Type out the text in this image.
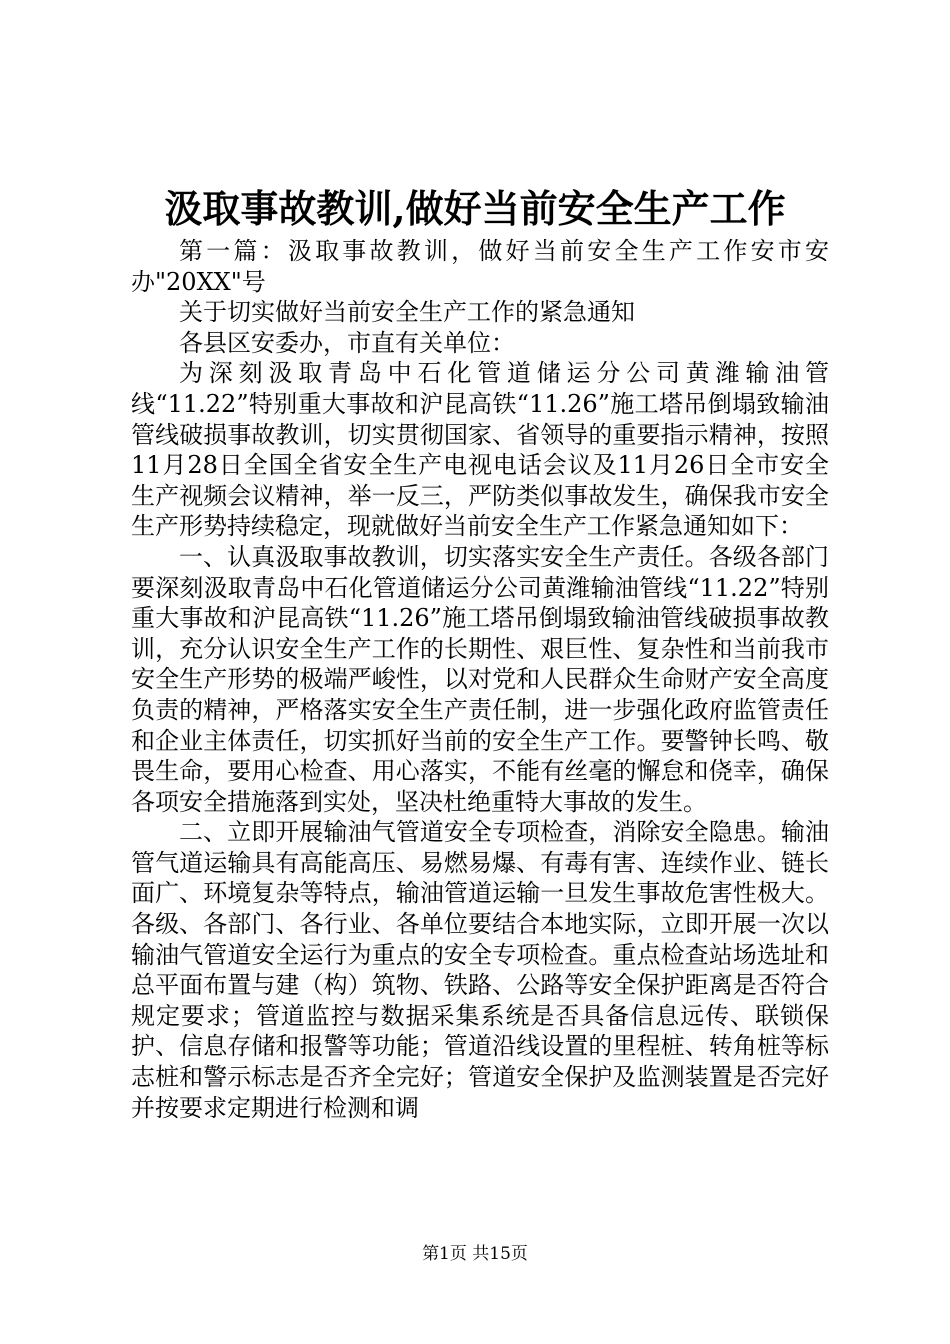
汲取事故教训,做好当前安全生产工作

第一篇：汲取事故教训，做好当前安全生产工作安市安办"20XX"号

关于切实做好当前安全生产工作的紧急通知

各县区安委办，市直有关单位：

为深刻汲取青岛中石化管道储运分公司黄潍输油管线“11.22”特别重大事故和沪昆高铁“11.26”施工塔吊倒塌致输油管线破损事故教训，切实贯彻国家、省领导的重要指示精神，按照11月28日全国全省安全生产电视电话会议及11月26日全市安全生产视频会议精神，举一反三，严防类似事故发生，确保我市安全生产形势持续稳定，现就做好当前安全生产工作紧急通知如下：

一、认真汲取事故教训，切实落实安全生产责任。各级各部门要深刻汲取青岛中石化管道储运分公司黄潍输油管线“11.22”特别重大事故和沪昆高铁“11.26”施工塔吊倒塌致输油管线破损事故教训，充分认识安全生产工作的长期性、艰巨性、复杂性和当前我市安全生产形势的极端严峻性，以对党和人民群众生命财产安全高度负责的精神，严格落实安全生产责任制，进一步强化政府监管责任和企业主体责任，切实抓好当前的安全生产工作。要警钟长鸣、敬畏生命，要用心检查、用心落实，不能有丝毫的懈怠和侥幸，确保各项安全措施落到实处，坚决杜绝重特大事故的发生。

二、立即开展输油气管道安全专项检查，消除安全隐患。输油管气道运输具有高能高压、易燃易爆、有毒有害、连续作业、链长面广、环境复杂等特点，输油管道运输一旦发生事故危害性极大。各级、各部门、各行业、各单位要结合本地实际，立即开展一次以输油气管道安全运行为重点的安全专项检查。重点检查站场选址和总平面布置与建（构）筑物、铁路、公路等安全保护距离是否符合规定要求；管道监控与数据采集系统是否具备信息远传、联锁保护、信息存储和报警等功能；管道沿线设置的里程桩、转角桩等标志桩和警示标志是否齐全完好；管道安全保护及监测装置是否完好并按要求定期进行检测和调

第1页 共15页
